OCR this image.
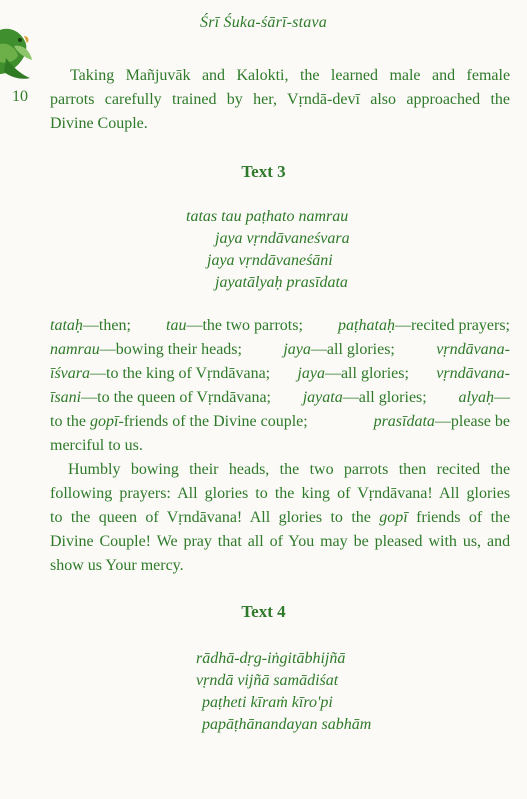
Śrī Śuka-śārī-stava
10
Taking Mañjuvāk and Kalokti, the learned male and female
parrots carefully trained by her, Vṛndā-devī also approached the
Divine Couple.
Text 3
tatas tau paṭhato namrau
jaya vṛndāvaneśvara
jaya vṛndāvaneśāni
jayatālyaḥ prasīdata
tataḥ—then; tau—the two parrots; paṭhataḥ—recited prayers;
namrau—bowing their heads;	jaya—all glories;	vṛndāvana-
īśvara—to the king of Vṛndāvana; jaya—all glories; vṛndāvana-
īsani—to the queen of Vṛndāvana; jayata—all glories; alyaḥ—
to the gopī-friends of the Divine couple;	prasīdata—please be
merciful to us.
Humbly bowing their heads, the two parrots then recited the
following prayers: All glories to the king of Vṛndāvana! All glories
to the queen of Vṛndāvana! All glories to the gopī friends of the
Divine Couple! We pray that all of You may be pleased with us, and
show us Your mercy.
Text 4
rādhā-dṛg-iṅgitābhijñā
vṛndā vijñā samādiśat
paṭheti kīraṁ kīro'pi
papāṭhānandayan sabhām
